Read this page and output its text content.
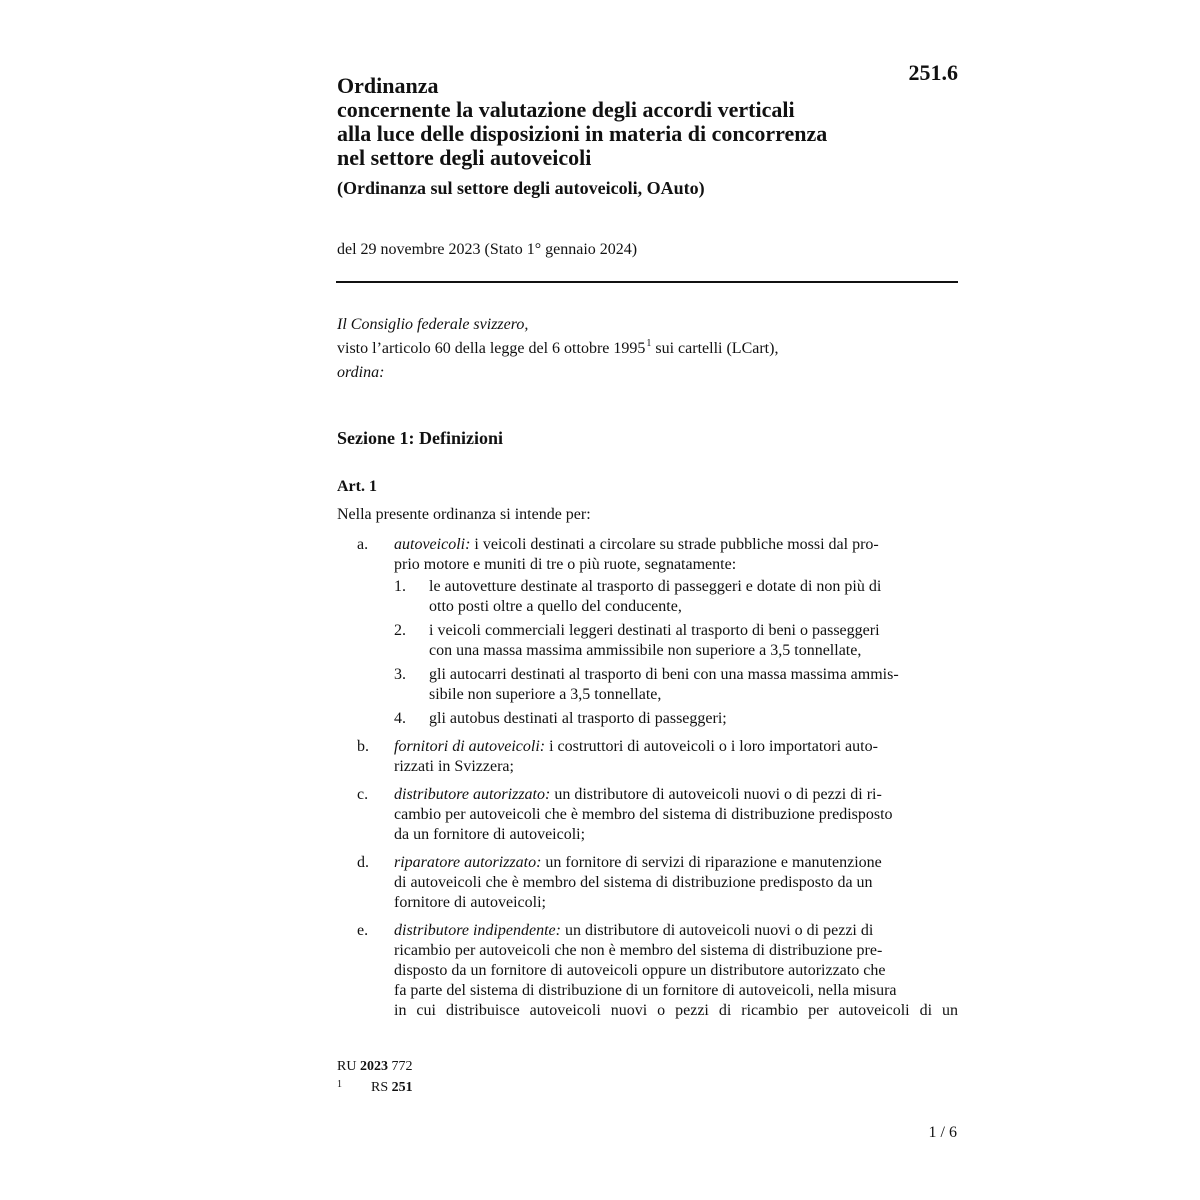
251.6
Ordinanza
concernente la valutazione degli accordi verticali
alla luce delle disposizioni in materia di concorrenza
nel settore degli autoveicoli
(Ordinanza sul settore degli autoveicoli, OAuto)
del 29 novembre 2023 (Stato 1° gennaio 2024)
Il Consiglio federale svizzero,
visto l’articolo 60 della legge del 6 ottobre 1995$^1$ sui cartelli (LCart),
ordina:
Sezione 1: Definizioni
Art. 1
Nella presente ordinanza si intende per:
a. autoveicoli: i veicoli destinati a circolare su strade pubbliche mossi dal pro-
prio motore e muniti di tre o più ruote, segnatamente:
1. le autovetture destinate al trasporto di passeggeri e dotate di non più di
otto posti oltre a quello del conducente,
2. i veicoli commerciali leggeri destinati al trasporto di beni o passeggeri
con una massa massima ammissibile non superiore a 3,5 tonnellate,
3. gli autocarri destinati al trasporto di beni con una massa massima ammis-
sibile non superiore a 3,5 tonnellate,
4. gli autobus destinati al trasporto di passeggeri;
b. fornitori di autoveicoli: i costruttori di autoveicoli o i loro importatori auto-
rizzati in Svizzera;
c. distributore autorizzato: un distributore di autoveicoli nuovi o di pezzi di ri-
cambio per autoveicoli che è membro del sistema di distribuzione predisposto
da un fornitore di autoveicoli;
d. riparatore autorizzato: un fornitore di servizi di riparazione e manutenzione
di autoveicoli che è membro del sistema di distribuzione predisposto da un
fornitore di autoveicoli;
e. distributore indipendente: un distributore di autoveicoli nuovi o di pezzi di
ricambio per autoveicoli che non è membro del sistema di distribuzione pre-
disposto da un fornitore di autoveicoli oppure un distributore autorizzato che
fa parte del sistema di distribuzione di un fornitore di autoveicoli, nella misura
in cui distribuisce autoveicoli nuovi o pezzi di ricambio per autoveicoli di un
RU 2023 772
1 RS 251
1 / 6
